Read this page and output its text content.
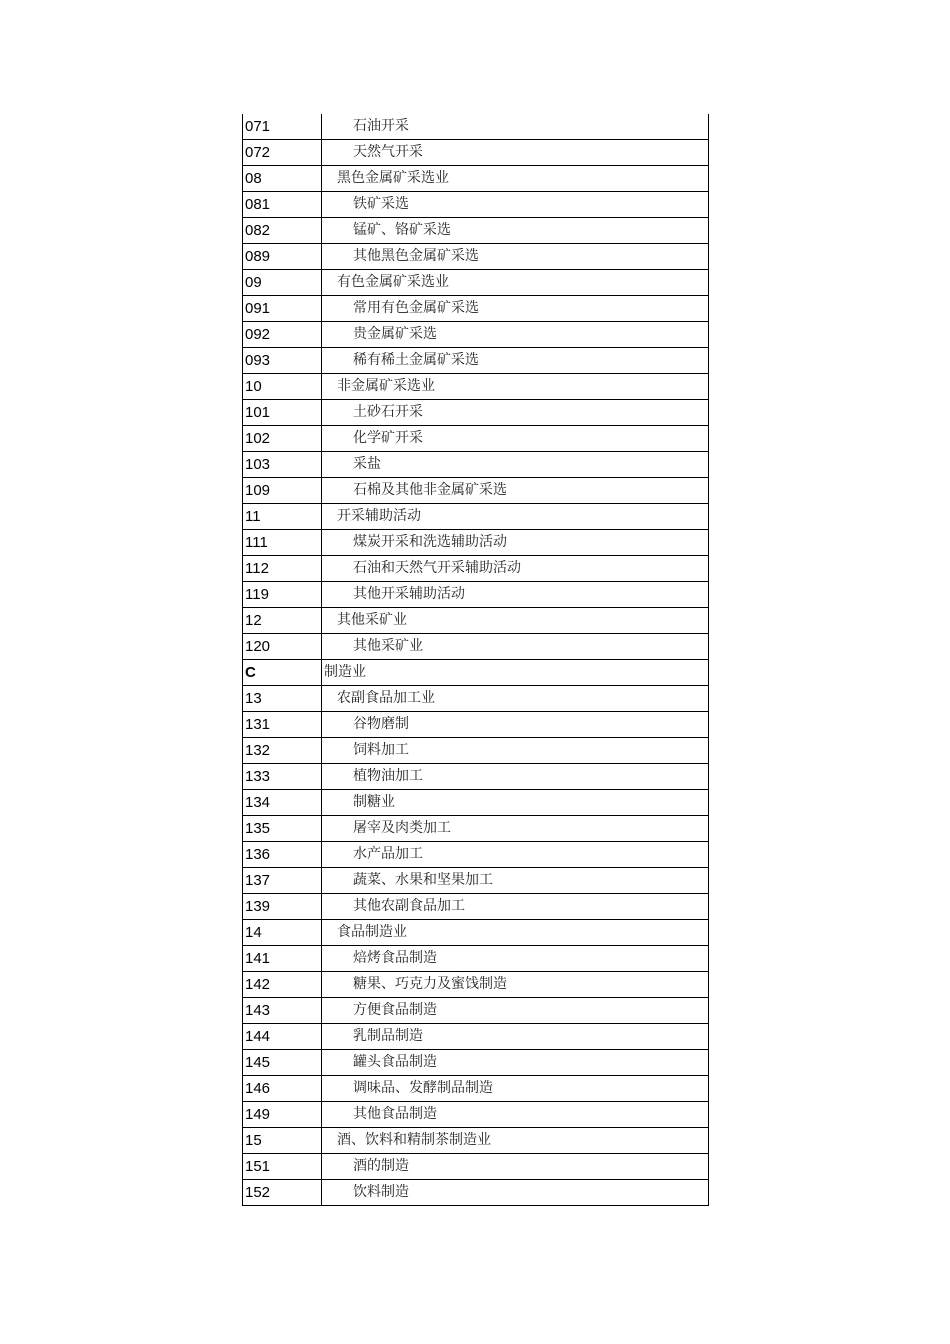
071	石油开采
072	天然气开采
08	黑色金属矿采选业
081	铁矿采选
082	锰矿、铬矿采选
089	其他黑色金属矿采选
09	有色金属矿采选业
091	常用有色金属矿采选
092	贵金属矿采选
093	稀有稀土金属矿采选
10	非金属矿采选业
101	土砂石开采
102	化学矿开采
103	采盐
109	石棉及其他非金属矿采选
11	开采辅助活动
111	煤炭开采和洗选辅助活动
112	石油和天然气开采辅助活动
119	其他开采辅助活动
12	其他采矿业
120	其他采矿业
C	制造业
13	农副食品加工业
131	谷物磨制
132	饲料加工
133	植物油加工
134	制糖业
135	屠宰及肉类加工
136	水产品加工
137	蔬菜、水果和坚果加工
139	其他农副食品加工
14	食品制造业
141	焙烤食品制造
142	糖果、巧克力及蜜饯制造
143	方便食品制造
144	乳制品制造
145	罐头食品制造
146	调味品、发酵制品制造
149	其他食品制造
15	酒、饮料和精制茶制造业
151	酒的制造
152	饮料制造
